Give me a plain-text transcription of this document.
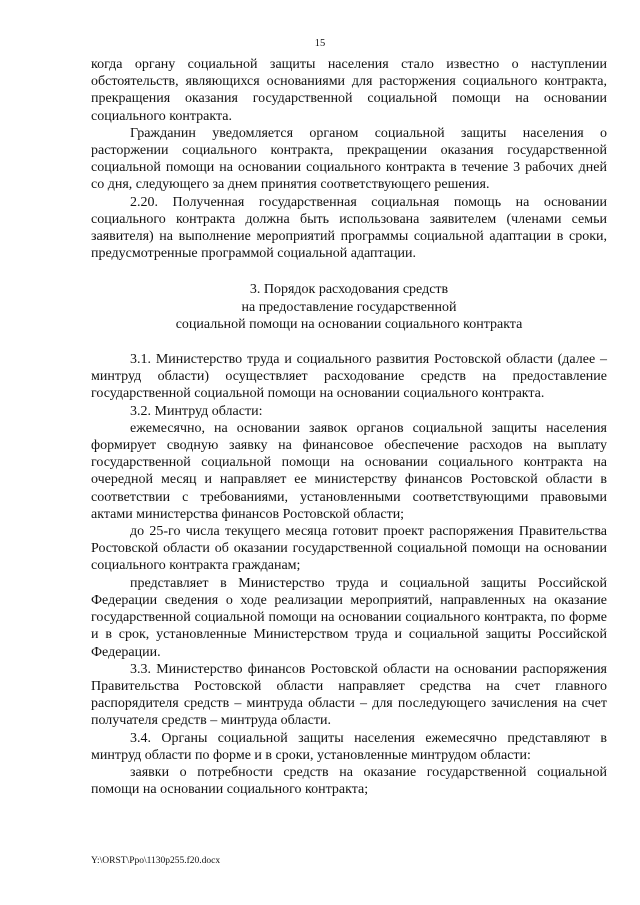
15

когда органу социальной защиты населения стало известно о наступлении обстоятельств, являющихся основаниями для расторжения социального контракта, прекращения оказания государственной социальной помощи на основании социального контракта.

Гражданин уведомляется органом социальной защиты населения о расторжении социального контракта, прекращении оказания государственной социальной помощи на основании социального контракта в течение 3 рабочих дней со дня, следующего за днем принятия соответствующего решения.

2.20. Полученная государственная социальная помощь на основании социального контракта должна быть использована заявителем (членами семьи заявителя) на выполнение мероприятий программы социальной адаптации в сроки, предусмотренные программой социальной адаптации.

3. Порядок расходования средств
на предоставление государственной
социальной помощи на основании социального контракта

3.1. Министерство труда и социального развития Ростовской области (далее – минтруд области) осуществляет расходование средств на предоставление государственной социальной помощи на основании социального контракта.

3.2. Минтруд области:

ежемесячно, на основании заявок органов социальной защиты населения формирует сводную заявку на финансовое обеспечение расходов на выплату государственной социальной помощи на основании социального контракта на очередной месяц и направляет ее министерству финансов Ростовской области в соответствии с требованиями, установленными соответствующими правовыми актами министерства финансов Ростовской области;

до 25-го числа текущего месяца готовит проект распоряжения Правительства Ростовской области об оказании государственной социальной помощи на основании социального контракта гражданам;

представляет в Министерство труда и социальной защиты Российской Федерации сведения о ходе реализации мероприятий, направленных на оказание государственной социальной помощи на основании социального контракта, по форме и в срок, установленные Министерством труда и социальной защиты Российской Федерации.

3.3. Министерство финансов Ростовской области на основании распоряжения Правительства Ростовской области направляет средства на счет главного распорядителя средств – минтруда области – для последующего зачисления на счет получателя средств – минтруда области.

3.4. Органы социальной защиты населения ежемесячно представляют в минтруд области по форме и в сроки, установленные минтрудом области:

заявки о потребности средств на оказание государственной социальной помощи на основании социального контракта;

Y:\ORST\Ppo\1130p255.f20.docx
